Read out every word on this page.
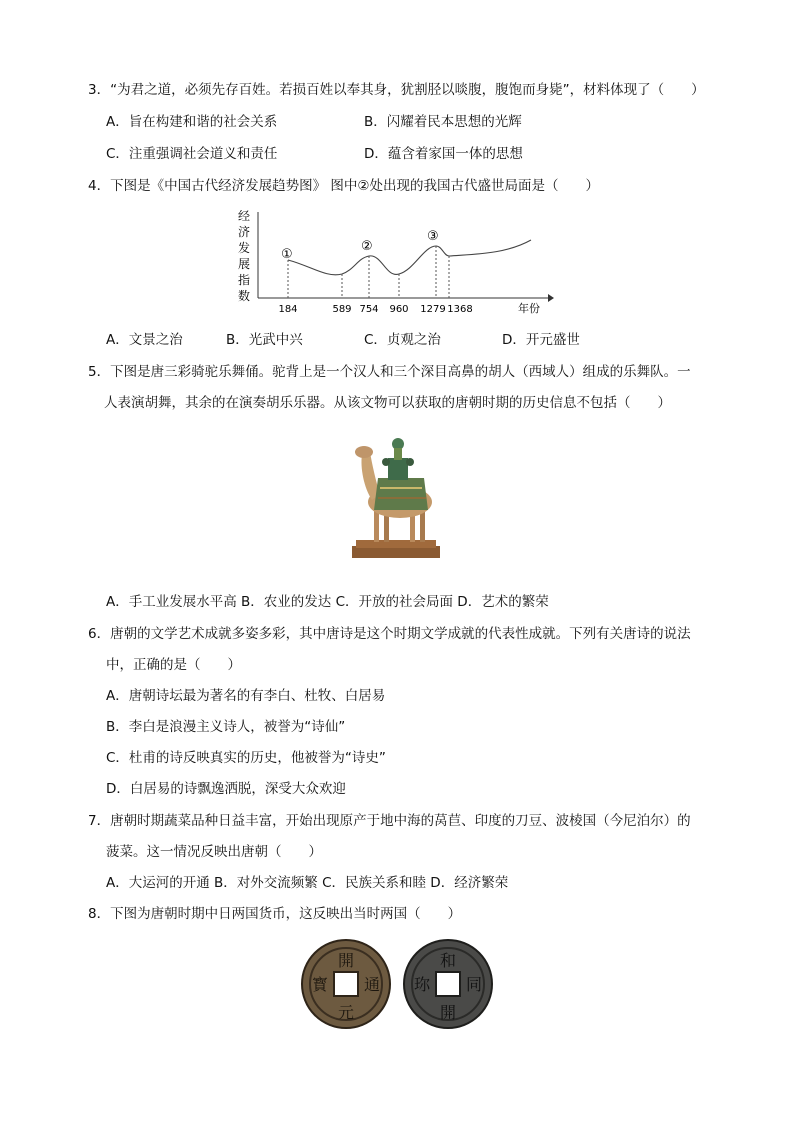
3．“为君之道，必须先存百姓。若损百姓以奉其身，犹割胫以啖腹，腹饱而身毙”，材料体现了（　　）
A．旨在构建和谐的社会关系	B．闪耀着民本思想的光辉
C．注重强调社会道义和责任	D．蕴含着家国一体的思想
4．下图是《中国古代经济发展趋势图》 图中②处出现的我国古代盛世局面是（　　）
经
济
发
展
指
数
①
②
③
184	589 754 960 1279 1368	年份
A．文景之治	B．光武中兴	C．贞观之治	D．开元盛世
5．下图是唐三彩骑驼乐舞俑。驼背上是一个汉人和三个深目高鼻的胡人（西域人）组成的乐舞队。一
人表演胡舞，其余的在演奏胡乐乐器。从该文物可以获取的唐朝时期的历史信息不包括（　　）
A．手工业发展水平高 B．农业的发达 C．开放的社会局面 D．艺术的繁荣
6．唐朝的文学艺术成就多姿多彩，其中唐诗是这个时期文学成就的代表性成就。下列有关唐诗的说法
中，正确的是（　　）
A．唐朝诗坛最为著名的有李白、杜牧、白居易
B．李白是浪漫主义诗人，被誉为“诗仙”
C．杜甫的诗反映真实的历史，他被誉为“诗史”
D．白居易的诗飘逸洒脱，深受大众欢迎
7．唐朝时期蔬菜品种日益丰富，开始出现原产于地中海的莴苣、印度的刀豆、波棱国（今尼泊尔）的
菠菜。这一情况反映出唐朝（　　）
A．大运河的开通 B．对外交流频繁 C．民族关系和睦 D．经济繁荣
8．下图为唐朝时期中日两国货币，这反映出当时两国（　　）
開
元
通
寳
和
同
開
珎
